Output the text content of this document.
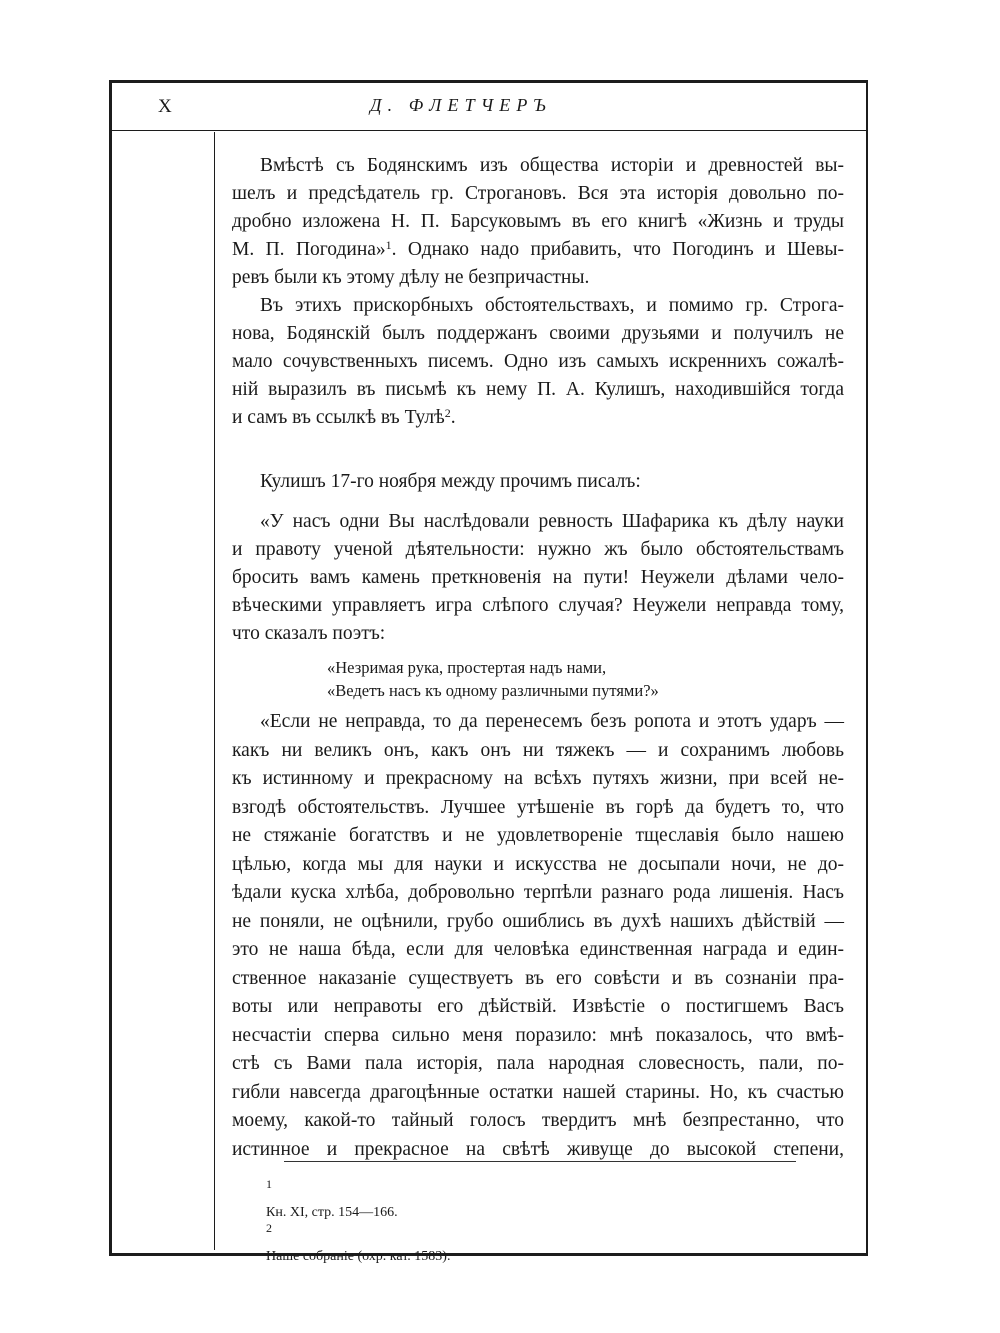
X	Д. ФЛЕТЧЕРЪ
Вмѣстѣ съ Бодянскимъ изъ общества исторіи и древностей вы-
шелъ и предсѣдатель гр. Строгановъ. Вся эта исторія довольно по-
дробно изложена Н. П. Барсуковымъ въ его книгѣ «Жизнь и труды
М. П. Погодина»$^1$. Однако надо прибавить, что Погодинъ и Шевы-
ревъ были къ этому дѣлу не безпричастны.
Въ этихъ прискорбныхъ обстоятельствахъ, и помимо гр. Строга-
нова, Бодянскій былъ поддержанъ своими друзьями и получилъ не
мало сочувственныхъ писемъ. Одно изъ самыхъ искреннихъ сожалѣ-
ній выразилъ въ письмѣ къ нему П. А. Кулишъ, находившійся тогда
и самъ въ ссылкѣ въ Тулѣ$^2$.
Кулишъ 17-го ноября между прочимъ писалъ:
«У насъ одни Вы наслѣдовали ревность Шафарика къ дѣлу науки
и правоту ученой дѣятельности: нужно жъ было обстоятельствамъ
бросить вамъ камень преткновенія на пути! Неужели дѣлами чело-
вѣческими управляетъ игра слѣпого случая? Неужели неправда тому,
что сказалъ поэтъ:
«Незримая рука, простертая надъ нами,
«Ведетъ насъ къ одному различными путями?»
«Если не неправда, то да перенесемъ безъ ропота и этотъ ударъ —
какъ ни великъ онъ, какъ онъ ни тяжекъ — и сохранимъ любовь
къ истинному и прекрасному на всѣхъ путяхъ жизни, при всей не-
взгодѣ обстоятельствъ. Лучшее утѣшеніе въ горѣ да будетъ то, что
не стяжаніе богатствъ и не удовлетвореніе тщеславія было нашею
цѣлью, когда мы для науки и искусства не досыпали ночи, не до-
ѣдали куска хлѣба, добровольно терпѣли разнаго рода лишенія. Насъ
не поняли, не оцѣнили, грубо ошиблись въ духѣ нашихъ дѣйствій —
это не наша бѣда, если для человѣка единственная награда и един-
ственное наказаніе существуетъ въ его совѣсти и въ сознаніи пра-
воты или неправоты его дѣйствій. Извѣстіе о постигшемъ Васъ
несчастіи сперва сильно меня поразило: мнѣ показалось, что вмѣ-
стѣ съ Вами пала исторія, пала народная словесность, пали, по-
гибли навсегда драгоцѣнные остатки нашей старины. Но, къ счастью
моему, какой-то тайный голосъ твердитъ мнѣ безпрестанно, что
истинное и прекрасное на свѣтѣ живуще до высокой степени,
$^1$
Кн. XI, стр. 154—166.
$^2$
Наше собраніе (охр. кат. 1583).
